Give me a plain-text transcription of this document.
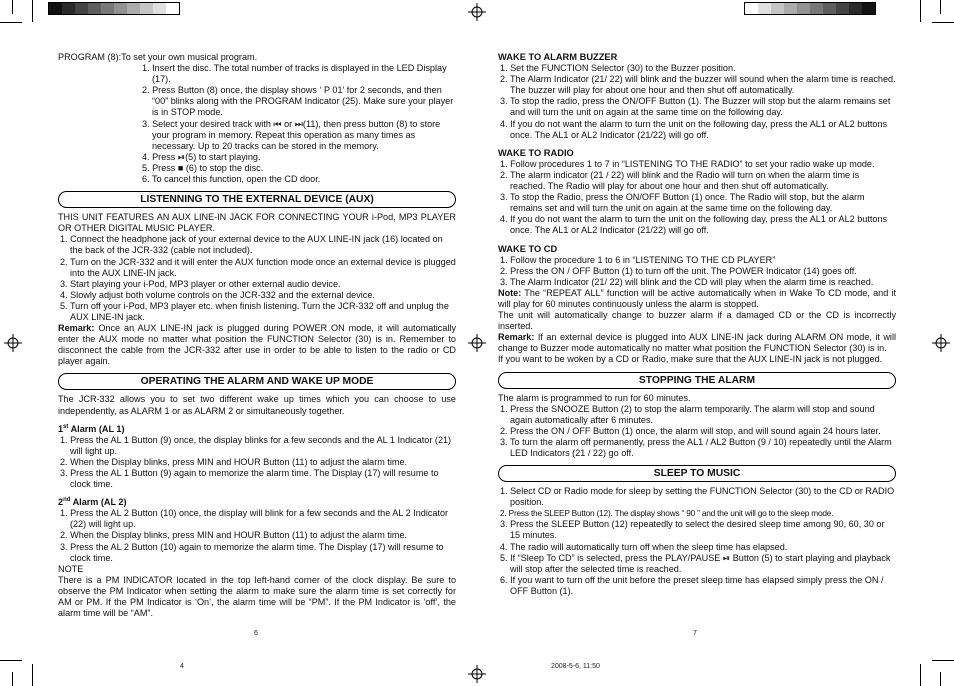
PROGRAM (8):To set your own musical program.

1. Insert the disc. The total number of tracks is displayed in the LED Display (17).

2. Press Button (8) once, the display shows ‘ P 01’ for 2 seconds, and then “00” blinks along with the PROGRAM Indicator (25). Make sure your player is in STOP mode.

3. Select your desired track with ⏮ or ⏭(11), then press button (8) to store your program in memory. Repeat this operation as many times as necessary. Up to 20 tracks can be stored in the memory.

4. Press ⏯(5) to start playing.

5. Press ■ (6) to stop the disc.

6. To cancel this function, open the CD door.

LISTENNING TO THE EXTERNAL DEVICE (AUX)

THIS UNIT FEATURES AN AUX LINE-IN JACK FOR CONNECTING YOUR i-Pod, MP3 PLAYER OR OTHER DIGITAL MUSIC PLAYER.

1. Connect the headphone jack of your external device to the AUX LINE-IN jack (16) located on the back of the JCR-332 (cable not included).

2. Turn on the JCR-332 and it will enter the AUX function mode once an external device is plugged into the AUX LINE-IN jack.

3. Start playing your i-Pod, MP3 player or other external audio device.

4. Slowly adjust both volume controls on the JCR-332 and the external device.

5. Turn off your i-Pod, MP3 player etc. when finish listening. Turn the JCR-332 off and unplug the AUX LINE-IN jack.

Remark: Once an AUX LINE-IN jack is plugged during POWER ON mode, it will automatically enter the AUX mode no matter what position the FUNCTION Selector (30) is in. Remember to disconnect the cable from the JCR-332 after use in order to be able to listen to the radio or CD player again.

OPERATING THE ALARM AND WAKE UP MODE

The JCR-332 allows you to set two different wake up times which you can choose to use independently, as ALARM 1 or as ALARM 2 or simultaneously together.

1st Alarm (AL 1)

1. Press the AL 1 Button (9) once, the display blinks for a few seconds and the AL 1 Indicator (21) will light up.

2. When the Display blinks, press MIN and HOUR Button (11) to adjust the alarm time.

3. Press the AL 1 Button (9) again to memorize the alarm time. The Display (17) will resume to clock time.

2nd Alarm (AL 2)

1. Press the AL 2 Button (10) once, the display will blink for a few seconds and the AL 2 Indicator (22) will light up.

2. When the Display blinks, press MIN and HOUR Button (11) to adjust the alarm time.

3. Press the AL 2 Button (10) again to memorize the alarm time. The Display (17) will resume to clock time.

NOTE

There is a PM INDICATOR located in the top left-hand corner of the clock display. Be sure to observe the PM Indicator when setting the alarm to make sure the alarm time is set correctly for AM or PM. If the PM Indicator is ‘On’, the alarm time will be “PM”. If the PM Indicator is ‘off’, the alarm time will be “AM”.

6

WAKE TO ALARM BUZZER

1. Set the FUNCTION Selector (30) to the Buzzer position.

2. The Alarm Indicator (21/ 22) will blink and the buzzer will sound when the alarm time is reached. The buzzer will play for about one hour and then shut off automatically.

3. To stop the radio, press the ON/OFF Button (1). The Buzzer will stop but the alarm remains set and will turn the unit on again at the same time on the following day.

4. If you do not want the alarm to turn the unit on the following day, press the AL1 or AL2 buttons once. The AL1 or AL2 Indicator (21/22) will go off.

WAKE TO RADIO

1. Follow procedures 1 to 7 in “LISTENING TO THE RADIO” to set your radio wake up mode.

2. The alarm indicator (21 / 22) will blink and the Radio will turn on when the alarm time is reached. The Radio will play for about one hour and then shut off automatically.

3. To stop the Radio, press the ON/OFF Button (1) once. The Radio will stop, but the alarm remains set and will turn the unit on again at the same time on the following day.

4. If you do not want the alarm to turn the unit on the following day, press the AL1 or AL2 buttons once. The AL1 or AL2 Indicator (21/22) will go off.

WAKE TO CD

1. Follow the procedure 1 to 6 in “LISTENING TO THE CD PLAYER”

2. Press the ON / OFF Button (1) to turn off the unit. The POWER Indicator (14) goes off.

3. The Alarm Indicator (21/ 22) will blink and the CD will play when the alarm time is reached.

Note: The “REPEAT ALL” function will be active automatically when in Wake To CD mode, and it will play for 60 minutes continuously unless the alarm is stopped.

The unit will automatically change to buzzer alarm if a damaged CD or the CD is incorrectly inserted.

Remark: If an external device is plugged into AUX LINE-IN jack during ALARM ON mode, it will change to Buzzer mode automatically no matter what position the FUNCTION Selector (30) is in.

If you want to be woken by a CD or Radio, make sure that the AUX LINE-IN jack is not plugged.

STOPPING THE ALARM

The alarm is programmed to run for 60 minutes.

1. Press the SNOOZE Button (2) to stop the alarm temporarily. The alarm will stop and sound again automatically after 6 minutes.

2. Press the ON / OFF Button (1) once, the alarm will stop, and will sound again 24 hours later.

3. To turn the alarm off permanently, press the AL1 / AL2 Button (9 / 10) repeatedly until the Alarm LED Indicators (21 / 22) go off.

SLEEP TO MUSIC

1. Select CD or Radio mode for sleep by setting the FUNCTION Selector (30) to the CD or RADIO position.

2. Press the SLEEP Button (12). The display shows “ 90 ” and the unit will go to the sleep mode.

3. Press the SLEEP Button (12) repeatedly to select the desired sleep time among 90, 60, 30 or 15 minutes.

4. The radio will automatically turn off when the sleep time has elapsed.

5. If “Sleep To CD” is selected, press the PLAY/PAUSE ⏯ Button (5) to start playing and playback will stop after the selected time is reached.

6. If you want to turn off the unit before the preset sleep time has elapsed simply press the ON / OFF Button (1).

7
4	2008-5-6, 11:50
